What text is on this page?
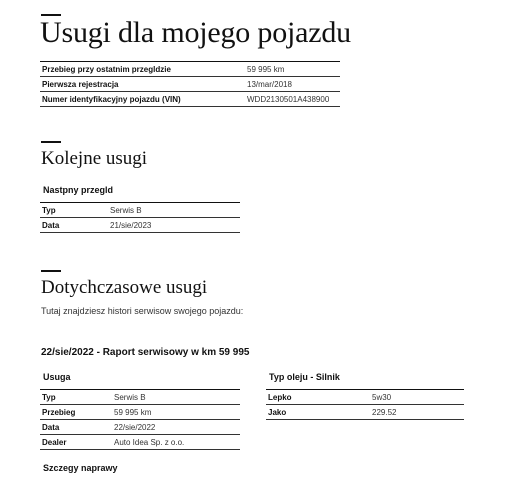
Usugi dla mojego pojazdu
Przebieg przy ostatnim przegldzie	59 995 km
Pierwsza rejestracja	13/mar/2018
Numer identyfikacyjny pojazdu (VIN)	WDD2130501A438900
Kolejne usugi
Nastpny przegld
Typ	Serwis B
Data	21/sie/2023
Dotychczasowe usugi
Tutaj znajdziesz histori serwisow swojego pojazdu:
22/sie/2022 - Raport serwisowy w km 59 995
Usuga
Typ	Serwis B
Przebieg	59 995 km
Data	22/sie/2022
Dealer	Auto Idea Sp. z o.o.
Typ oleju - Silnik
Lepko	5w30
Jako	229.52
Szczegy naprawy
